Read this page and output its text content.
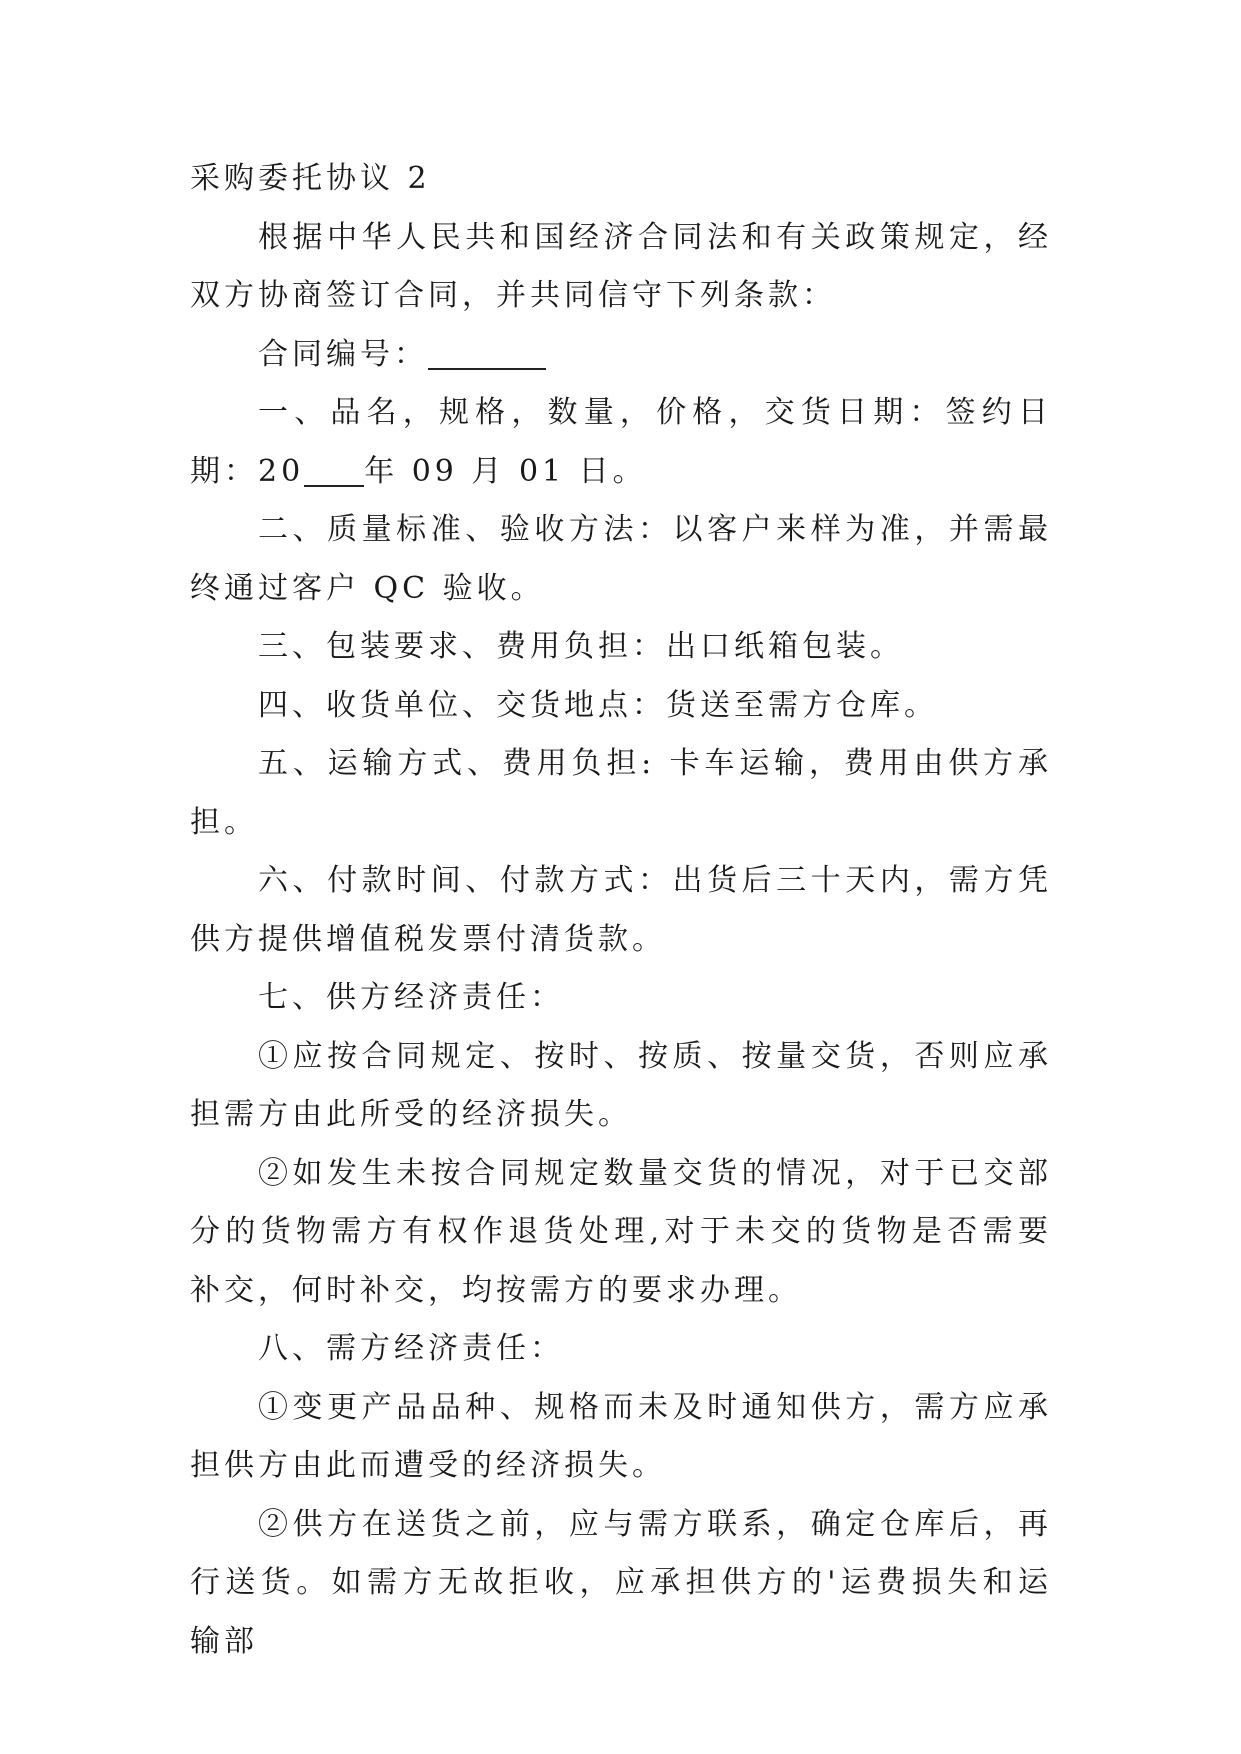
采购委托协议 2

根据中华人民共和国经济合同法和有关政策规定，经双方协商签订合同，并共同信守下列条款：

合同编号：

一、品名，规格，数量，价格，交货日期：签约日期：20 年 09 月 01 日。

二、质量标准、验收方法：以客户来样为准，并需最终通过客户 QC 验收。

三、包装要求、费用负担：出口纸箱包装。

四、收货单位、交货地点：货送至需方仓库。

五、运输方式、费用负担: 卡车运输，费用由供方承担。

六、付款时间、付款方式：出货后三十天内，需方凭供方提供增值税发票付清货款。

七、供方经济责任：

①应按合同规定、按时、按质、按量交货，否则应承担需方由此所受的经济损失。

②如发生未按合同规定数量交货的情况，对于已交部分的货物需方有权作退货处理,对于未交的货物是否需要补交，何时补交，均按需方的要求办理。

八、需方经济责任：

①变更产品品种、规格而未及时通知供方，需方应承担供方由此而遭受的经济损失。

②供方在送货之前，应与需方联系，确定仓库后，再行送货。如需方无故拒收，应承担供方的'运费损失和运输部
